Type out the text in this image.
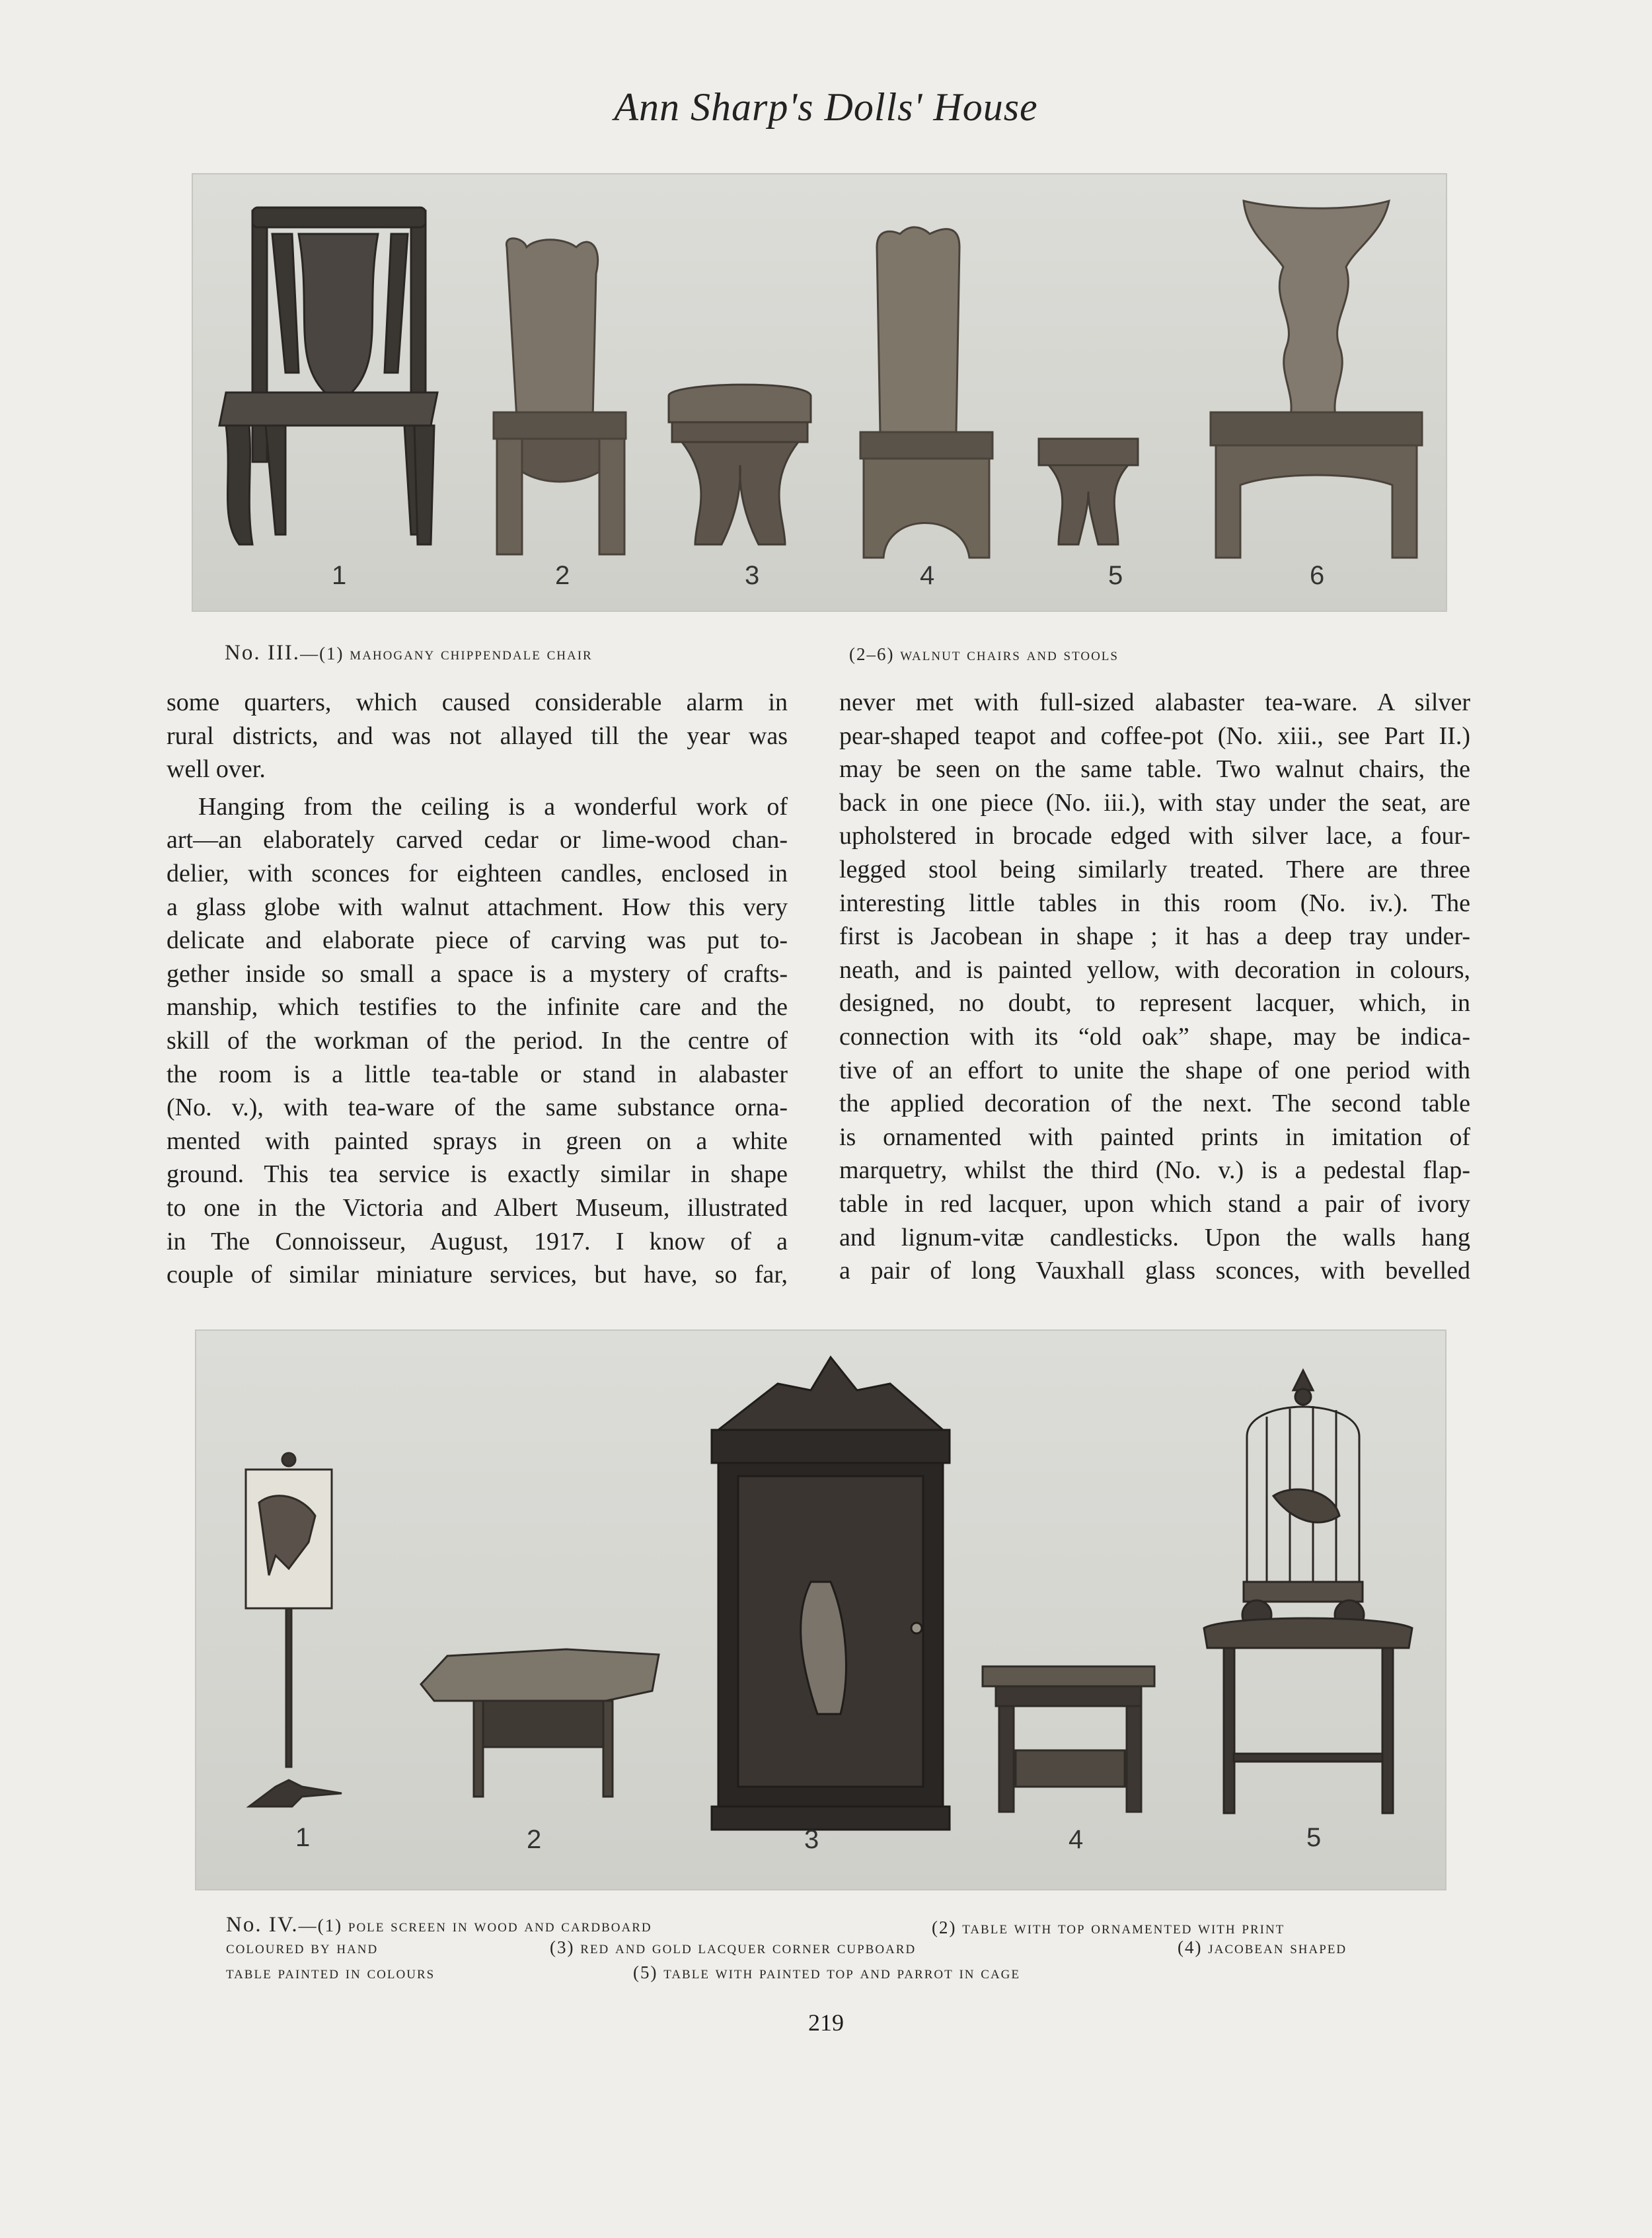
Ann Sharp's Dolls' House
1	2	3	4	5	6
No. III.—(1) mahogany chippendale chair	(2–6) walnut chairs and stools
some quarters, which caused considerable alarm in
rural districts, and was not allayed till the year was
well over.
Hanging from the ceiling is a wonderful work of
art—an elaborately carved cedar or lime-wood chan-
delier, with sconces for eighteen candles, enclosed in
a glass globe with walnut attachment. How this very
delicate and elaborate piece of carving was put to-
gether inside so small a space is a mystery of crafts-
manship, which testifies to the infinite care and the
skill of the workman of the period. In the centre of
the room is a little tea-table or stand in alabaster
(No. v.), with tea-ware of the same substance orna-
mented with painted sprays in green on a white
ground. This tea service is exactly similar in shape
to one in the Victoria and Albert Museum, illustrated
in The Connoisseur, August, 1917. I know of a
couple of similar miniature services, but have, so far,
never met with full-sized alabaster tea-ware. A silver
pear-shaped teapot and coffee-pot (No. xiii., see Part II.)
may be seen on the same table. Two walnut chairs, the
back in one piece (No. iii.), with stay under the seat, are
upholstered in brocade edged with silver lace, a four-
legged stool being similarly treated. There are three
interesting little tables in this room (No. iv.). The
first is Jacobean in shape ; it has a deep tray under-
neath, and is painted yellow, with decoration in colours,
designed, no doubt, to represent lacquer, which, in
connection with its “old oak” shape, may be indica-
tive of an effort to unite the shape of one period with
the applied decoration of the next. The second table
is ornamented with painted prints in imitation of
marquetry, whilst the third (No. v.) is a pedestal flap-
table in red lacquer, upon which stand a pair of ivory
and lignum-vitæ candlesticks. Upon the walls hang
a pair of long Vauxhall glass sconces, with bevelled
1	2	3	4	5
No. IV.—(1) pole screen in wood and cardboard	(2) table with top ornamented with print
coloured by hand	(3) red and gold lacquer corner cupboard	(4) jacobean shaped
table painted in colours	(5) table with painted top and parrot in cage
219
